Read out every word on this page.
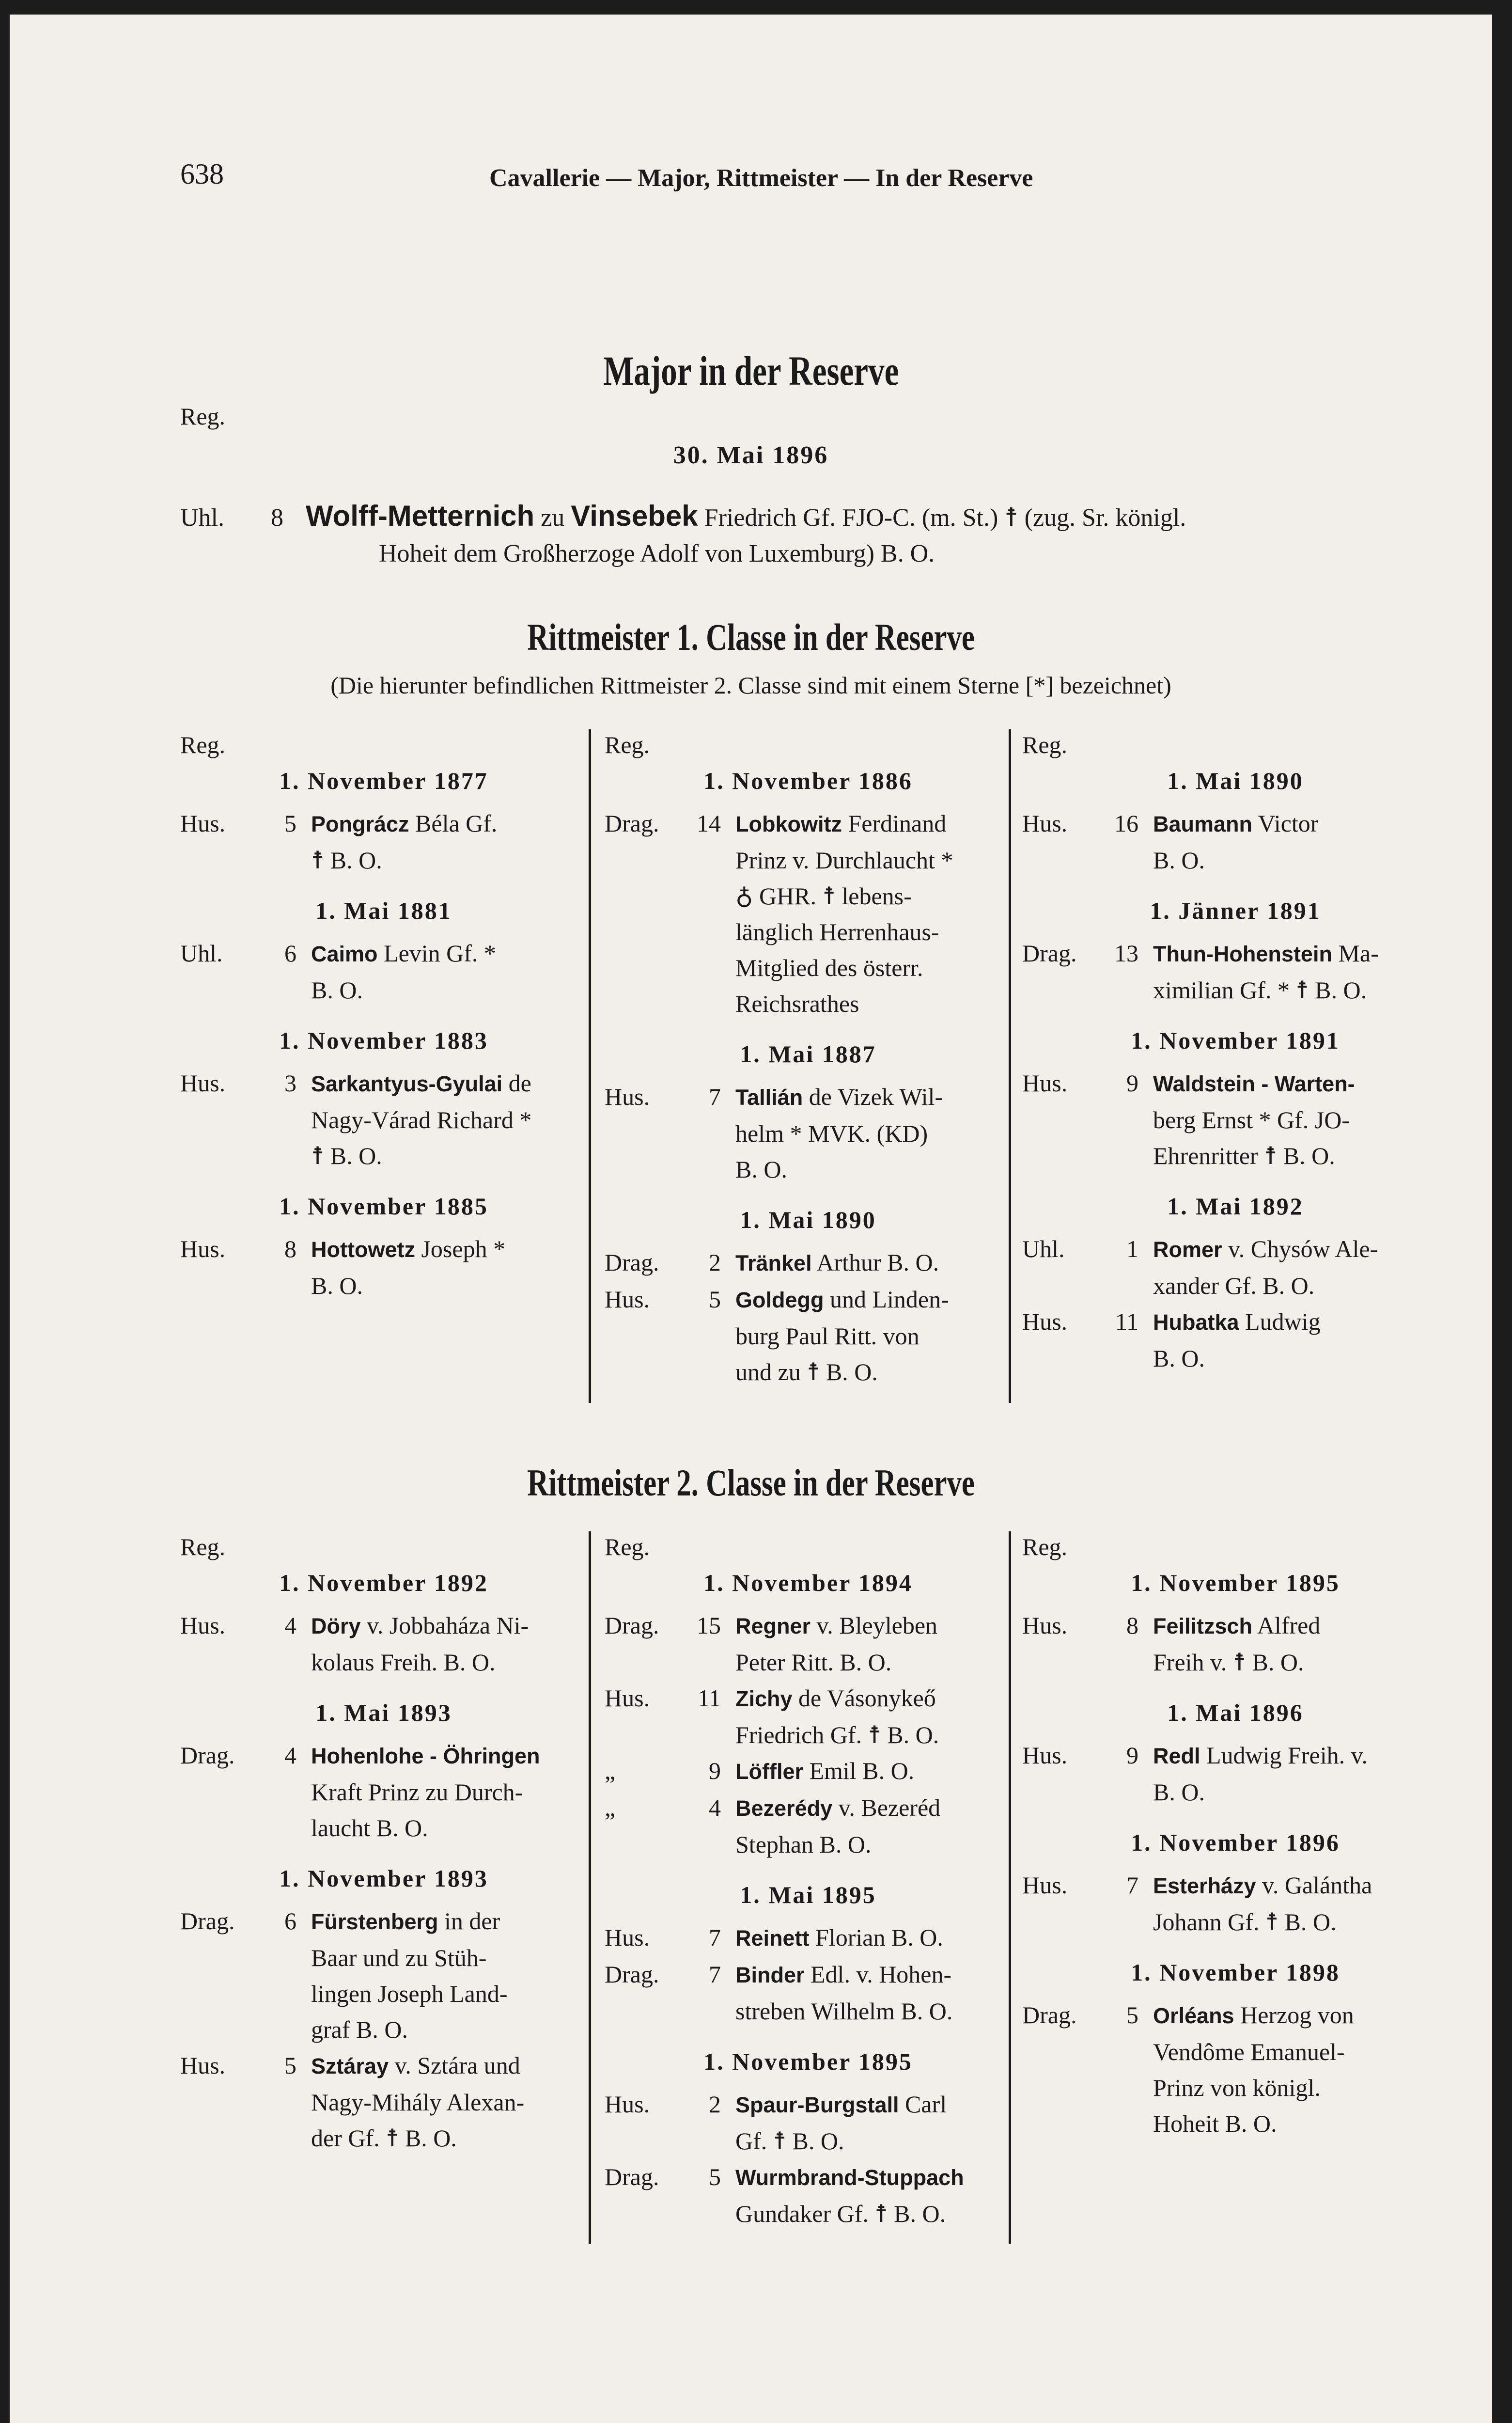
638	Cavallerie — Major, Rittmeister — In der Reserve
Major in der Reserve
Reg.
30. Mai 1896
Uhl. 8 Wolff-Metternich zu Vinsebek Friedrich Gf. FJO-C. (m. St.) ☨ (zug. Sr. königl.
Hoheit dem Großherzoge Adolf von Luxemburg) B. O.
Rittmeister 1. Classe in der Reserve
(Die hierunter befindlichen Rittmeister 2. Classe sind mit einem Sterne [*] bezeichnet)
Reg.
1. November 1877
Hus.	5 Pongrácz Béla Gf.
☨ B. O.
1. Mai 1881
Uhl.	6 Caimo Levin Gf. *
B. O.
1. November 1883
Hus.	3 Sarkantyus-Gyulai de
Nagy-Várad Richard *
☨ B. O.
1. November 1885
Hus.	8 Hottowetz Joseph *
B. O.
Reg.
1. November 1886
Drag.	14 Lobkowitz Ferdinand
Prinz v. Durchlaucht *
♁ GHR. ☨ lebens-
länglich Herrenhaus-
Mitglied des österr.
Reichsrathes
1. Mai 1887
Hus.	7 Tallián de Vizek Wil-
helm * MVK. (KD)
B. O.
1. Mai 1890
Drag.	2 Tränkel Arthur B. O.
Hus.	5 Goldegg und Linden-
burg Paul Ritt. von
und zu ☨ B. O.
Reg.
1. Mai 1890
Hus.	16 Baumann Victor
B. O.
1. Jänner 1891
Drag.	13 Thun-Hohenstein Ma-
ximilian Gf. * ☨ B. O.
1. November 1891
Hus.	9 Waldstein - Warten-
berg Ernst * Gf. JO-
Ehrenritter ☨ B. O.
1. Mai 1892
Uhl.	1 Romer v. Chysów Ale-
xander Gf. B. O.
Hus.	11 Hubatka Ludwig
B. O.
Rittmeister 2. Classe in der Reserve
Reg.
1. November 1892
Hus.	4 Döry v. Jobbaháza Ni-
kolaus Freih. B. O.
1. Mai 1893
Drag.	4 Hohenlohe - Öhringen
Kraft Prinz zu Durch-
laucht B. O.
1. November 1893
Drag.	6 Fürstenberg in der
Baar und zu Stüh-
lingen Joseph Land-
graf B. O.
Hus.	5 Sztáray v. Sztára und
Nagy-Mihály Alexan-
der Gf. ☨ B. O.
Reg.
1. November 1894
Drag.	15 Regner v. Bleyleben
Peter Ritt. B. O.
Hus.	11 Zichy de Vásonykeő
Friedrich Gf. ☨ B. O.
„	9 Löffler Emil B. O.
„	4 Bezerédy v. Bezeréd
Stephan B. O.
1. Mai 1895
Hus.	7 Reinett Florian B. O.
Drag.	7 Binder Edl. v. Hohen-
streben Wilhelm B. O.
1. November 1895
Hus.	2 Spaur-Burgstall Carl
Gf. ☨ B. O.
Drag.	5 Wurmbrand-Stuppach
Gundaker Gf. ☨ B. O.
Reg.
1. November 1895
Hus.	8 Feilitzsch Alfred
Freih v. ☨ B. O.
1. Mai 1896
Hus.	9 Redl Ludwig Freih. v.
B. O.
1. November 1896
Hus.	7 Esterházy v. Galántha
Johann Gf. ☨ B. O.
1. November 1898
Drag.	5 Orléans Herzog von
Vendôme Emanuel-
Prinz von königl.
Hoheit B. O.
